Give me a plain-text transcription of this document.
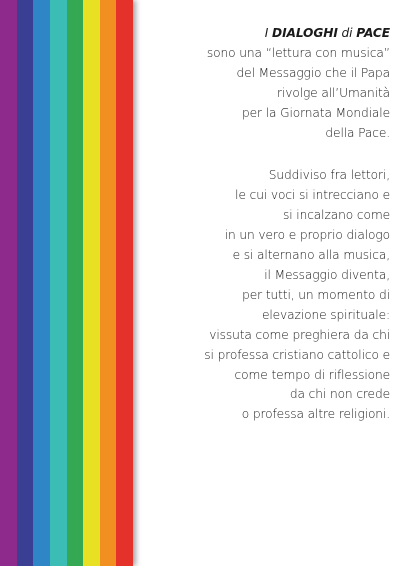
I DIALOGHI di PACE
sono una “lettura con musica”
del Messaggio che il Papa
rivolge all’Umanità
per la Giornata Mondiale
della Pace.
Suddiviso fra lettori,
le cui voci si intrecciano e
si incalzano come
in un vero e proprio dialogo
e si alternano alla musica,
il Messaggio diventa,
per tutti, un momento di
elevazione spirituale:
vissuta come preghiera da chi
si professa cristiano cattolico e
come tempo di riflessione
da chi non crede
o professa altre religioni.
